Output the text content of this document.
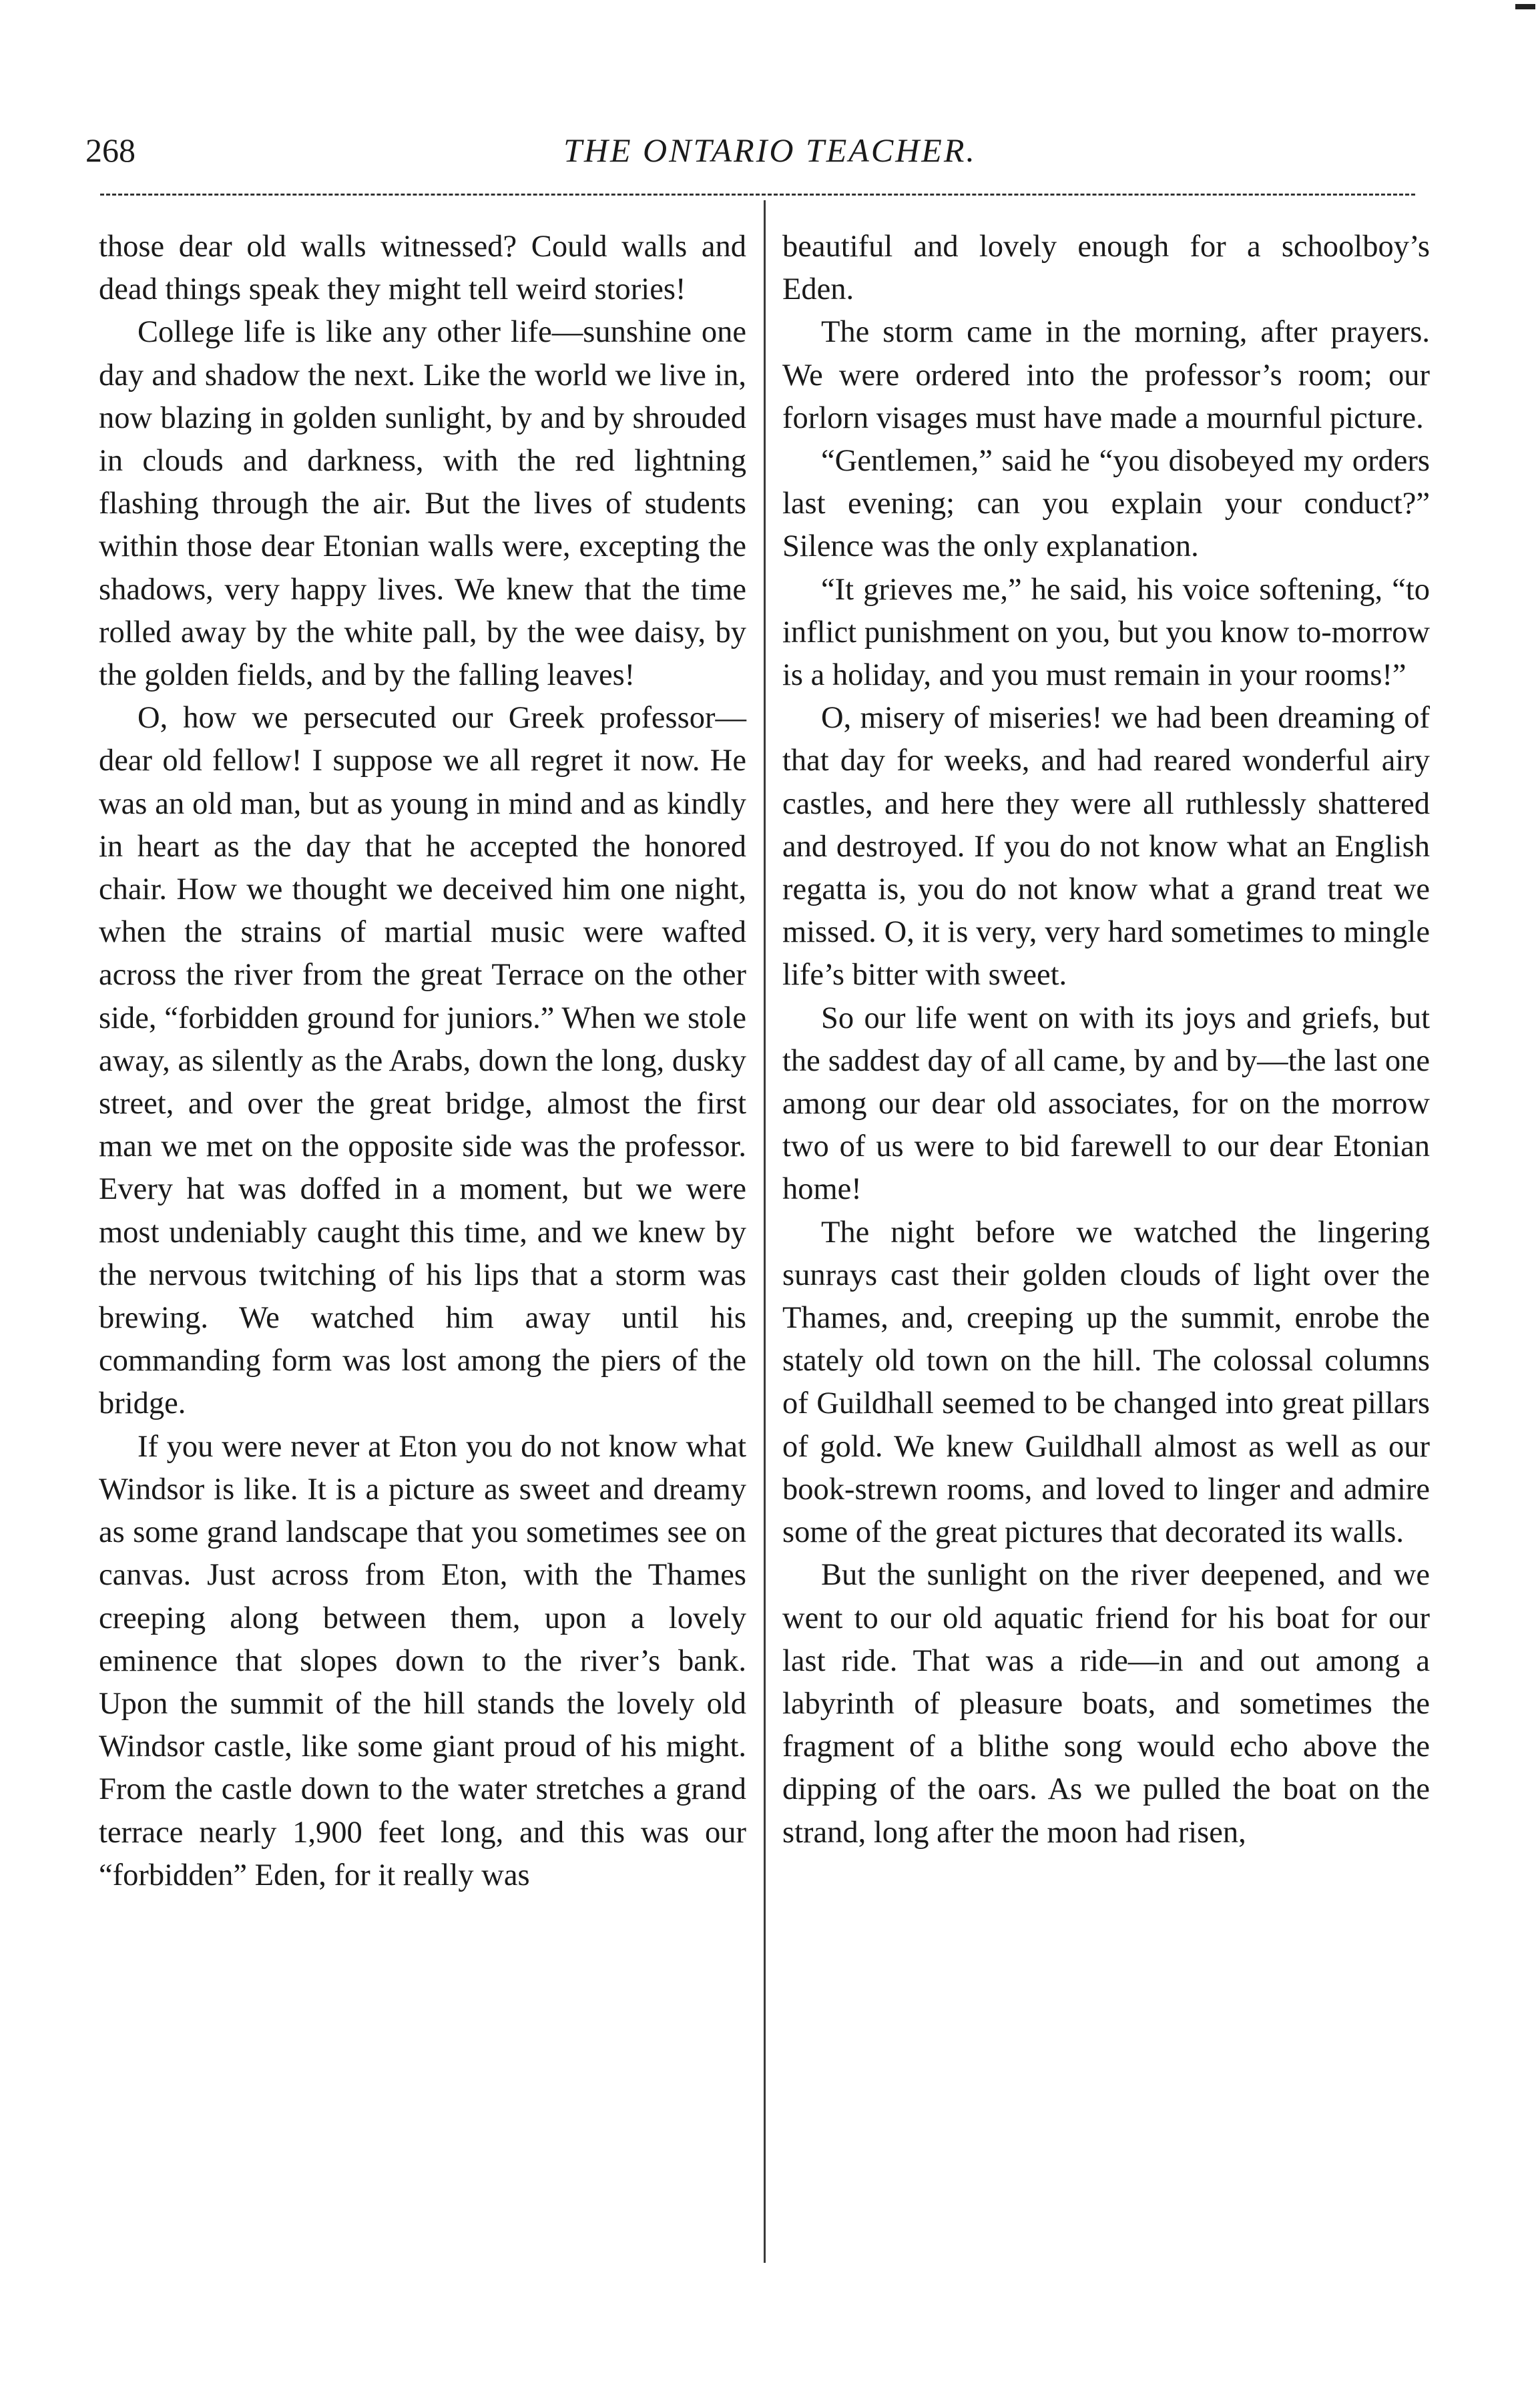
268	THE ONTARIO TEACHER.

those dear old walls witnessed? Could walls and dead things speak they might tell weird stories!

College life is like any other life—sunshine one day and shadow the next. Like the world we live in, now blazing in golden sunlight, by and by shrouded in clouds and darkness, with the red lightning flashing through the air. But the lives of students within those dear Etonian walls were, excepting the shadows, very happy lives. We knew that the time rolled away by the white pall, by the wee daisy, by the golden fields, and by the falling leaves!

O, how we persecuted our Greek professor—dear old fellow! I suppose we all regret it now. He was an old man, but as young in mind and as kindly in heart as the day that he accepted the honored chair. How we thought we deceived him one night, when the strains of martial music were wafted across the river from the great Terrace on the other side, “forbidden ground for juniors.” When we stole away, as silently as the Arabs, down the long, dusky street, and over the great bridge, almost the first man we met on the opposite side was the professor. Every hat was doffed in a moment, but we were most undeniably caught this time, and we knew by the nervous twitching of his lips that a storm was brewing. We watched him away until his commanding form was lost among the piers of the bridge.

If you were never at Eton you do not know what Windsor is like. It is a picture as sweet and dreamy as some grand landscape that you sometimes see on canvas. Just across from Eton, with the Thames creeping along between them, upon a lovely eminence that slopes down to the river’s bank. Upon the summit of the hill stands the lovely old Windsor castle, like some giant proud of his might. From the castle down to the water stretches a grand terrace nearly 1,900 feet long, and this was our “forbidden” Eden, for it really was

beautiful and lovely enough for a schoolboy’s Eden.

The storm came in the morning, after prayers. We were ordered into the professor’s room; our forlorn visages must have made a mournful picture.

“Gentlemen,” said he “you disobeyed my orders last evening; can you explain your conduct?” Silence was the only explanation.

“It grieves me,” he said, his voice softening, “to inflict punishment on you, but you know to-morrow is a holiday, and you must remain in your rooms!”

O, misery of miseries! we had been dreaming of that day for weeks, and had reared wonderful airy castles, and here they were all ruthlessly shattered and destroyed. If you do not know what an English regatta is, you do not know what a grand treat we missed. O, it is very, very hard sometimes to mingle life’s bitter with sweet.

So our life went on with its joys and griefs, but the saddest day of all came, by and by—the last one among our dear old associates, for on the morrow two of us were to bid farewell to our dear Etonian home!

The night before we watched the lingering sunrays cast their golden clouds of light over the Thames, and, creeping up the summit, enrobe the stately old town on the hill. The colossal columns of Guildhall seemed to be changed into great pillars of gold. We knew Guildhall almost as well as our book-strewn rooms, and loved to linger and admire some of the great pictures that decorated its walls.

But the sunlight on the river deepened, and we went to our old aquatic friend for his boat for our last ride. That was a ride—in and out among a labyrinth of pleasure boats, and sometimes the fragment of a blithe song would echo above the dipping of the oars. As we pulled the boat on the strand, long after the moon had risen,
